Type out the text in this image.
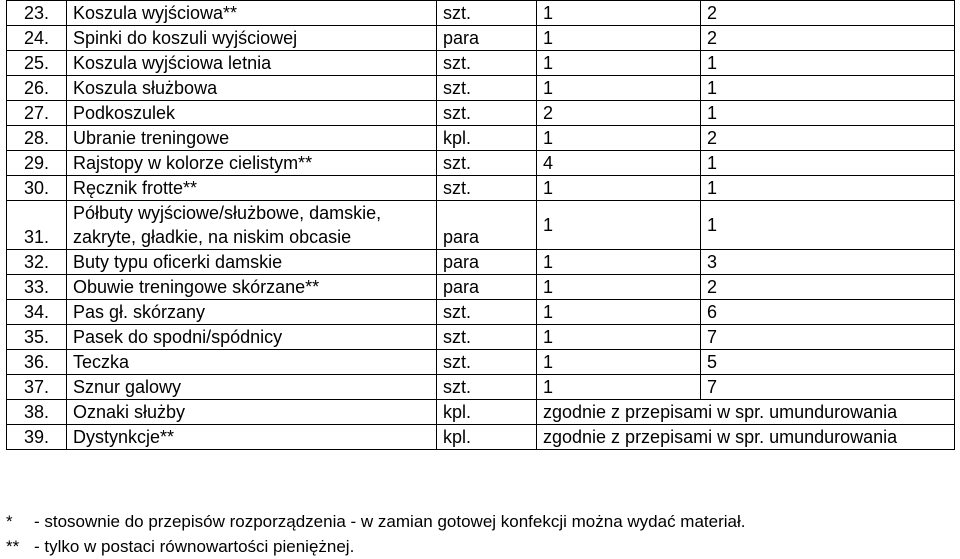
23.	Koszula wyjściowa**	szt.	1	2
24.	Spinki do koszuli wyjściowej	para	1	2
25.	Koszula wyjściowa letnia	szt.	1	1
26.	Koszula służbowa	szt.	1	1
27.	Podkoszulek	szt.	2	1
28.	Ubranie treningowe	kpl.	1	2
29.	Rajstopy w kolorze cielistym**	szt.	4	1
30.	Ręcznik frotte**	szt.	1	1
31.	Półbuty wyjściowe/służbowe, damskie, zakryte, gładkie, na niskim obcasie	para	1	1
32.	Buty typu oficerki damskie	para	1	3
33.	Obuwie treningowe skórzane**	para	1	2
34.	Pas gł. skórzany	szt.	1	6
35.	Pasek do spodni/spódnicy	szt.	1	7
36.	Teczka	szt.	1	5
37.	Sznur galowy	szt.	1	7
38.	Oznaki służby	kpl.	zgodnie z przepisami w spr. umundurowania	
39.	Dystynkcje**	kpl.	zgodnie z przepisami w spr. umundurowania	
*	- stosownie do przepisów rozporządzenia - w zamian gotowej konfekcji można wydać materiał.
** - tylko w postaci równowartości pieniężnej.
